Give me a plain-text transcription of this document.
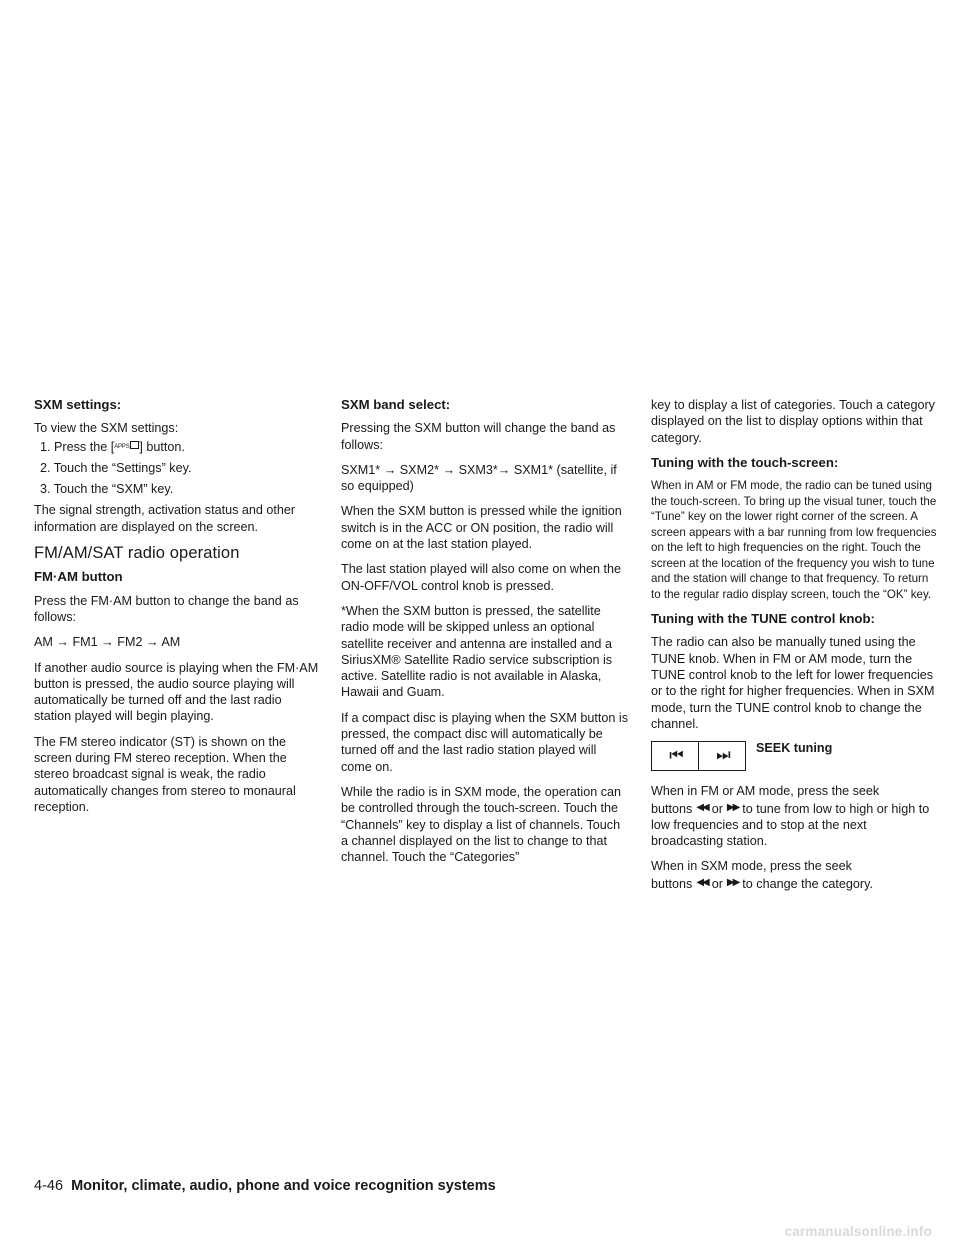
SXM settings:

To view the SXM settings:

1. Press the [APPS ] button.
2. Touch the “Settings” key.
3. Touch the “SXM” key.

The signal strength, activation status and other information are displayed on the screen.

FM/AM/SAT radio operation
FM·AM button

Press the FM·AM button to change the band as follows:

AM → FM1 → FM2 → AM

If another audio source is playing when the FM·AM button is pressed, the audio source playing will automatically be turned off and the last radio station played will begin playing.

The FM stereo indicator (ST) is shown on the screen during FM stereo reception. When the stereo broadcast signal is weak, the radio automatically changes from stereo to monaural reception.

SXM band select:

Pressing the SXM button will change the band as follows:

SXM1* → SXM2* → SXM3*→ SXM1* (satellite, if so equipped)

When the SXM button is pressed while the ignition switch is in the ACC or ON position, the radio will come on at the last station played.

The last station played will also come on when the ON-OFF/VOL control knob is pressed.

*When the SXM button is pressed, the satellite radio mode will be skipped unless an optional satellite receiver and antenna are installed and a SiriusXM® Satellite Radio service subscription is active. Satellite radio is not available in Alaska, Hawaii and Guam.

If a compact disc is playing when the SXM button is pressed, the compact disc will automatically be turned off and the last radio station played will come on.

While the radio is in SXM mode, the operation can be controlled through the touch-screen. Touch the “Channels” key to display a list of channels. Touch a channel displayed on the list to change to that channel. Touch the “Categories”

key to display a list of categories. Touch a category displayed on the list to display options within that category.

Tuning with the touch-screen:

When in AM or FM mode, the radio can be tuned using the touch-screen. To bring up the visual tuner, touch the “Tune” key on the lower right corner of the screen. A screen appears with a bar running from low frequencies on the left to high frequencies on the right. Touch the screen at the location of the frequency you wish to tune and the station will change to that frequency. To return to the regular radio display screen, touch the “OK” key.

Tuning with the TUNE control knob:

The radio can also be manually tuned using the TUNE knob. When in FM or AM mode, turn the TUNE control knob to the left for lower frequencies or to the right for higher frequencies. When in SXM mode, turn the TUNE control knob to change the channel.

⏮	⏭	SEEK tuning

When in FM or AM mode, press the seek buttons ◀◀ or ▶▶ to tune from low to high or high to low frequencies and to stop at the next broadcasting station.

When in SXM mode, press the seek buttons ◀◀ or ▶▶ to change the category.

4-46 Monitor, climate, audio, phone and voice recognition systems
carmanualsonline.info
